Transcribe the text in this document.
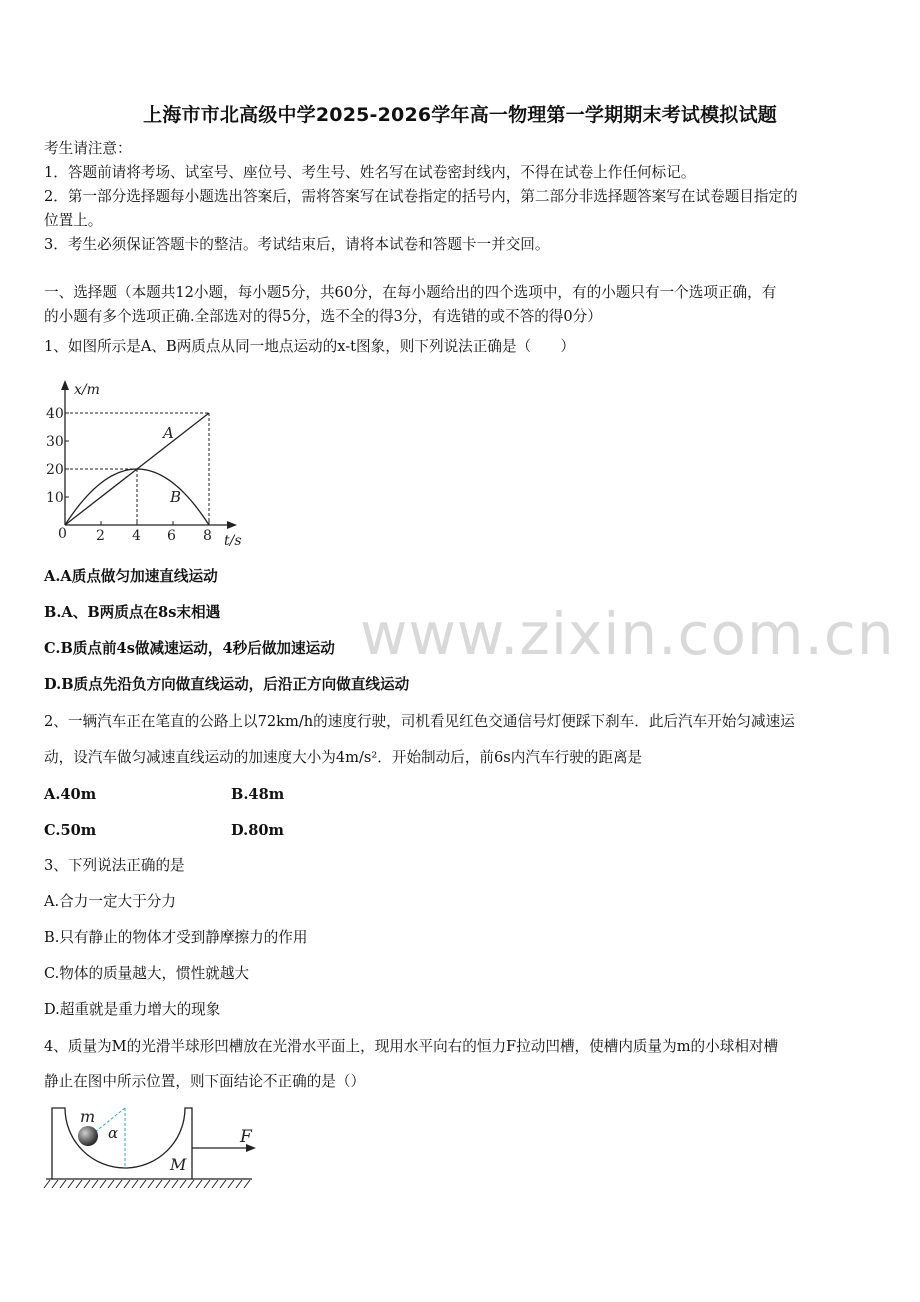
上海市市北高级中学2025-2026学年高一物理第一学期期末考试模拟试题
考生请注意：
1．答题前请将考场、试室号、座位号、考生号、姓名写在试卷密封线内，不得在试卷上作任何标记。
2．第一部分选择题每小题选出答案后，需将答案写在试卷指定的括号内，第二部分非选择题答案写在试卷题目指定的
位置上。
3．考生必须保证答题卡的整洁。考试结束后，请将本试卷和答题卡一并交回。
一、选择题（本题共12小题，每小题5分，共60分，在每小题给出的四个选项中，有的小题只有一个选项正确，有
的小题有多个选项正确.全部选对的得5分，选不全的得3分，有选错的或不答的得0分）
1、如图所示是A、B两质点从同一地点运动的x-t图象，则下列说法正确是（　　）
x/m
t/s
40
30
20
10
0 2 4 6 8
A
B
A.A质点做匀加速直线运动
B.A、B两质点在8s末相遇
C.B质点前4s做减速运动，4秒后做加速运动
D.B质点先沿负方向做直线运动，后沿正方向做直线运动
www.zixin.com.cn
2、一辆汽车正在笔直的公路上以72km/h的速度行驶，司机看见红色交通信号灯便踩下刹车．此后汽车开始匀减速运
动，设汽车做匀减速直线运动的加速度大小为4m/s²．开始制动后，前6s内汽车行驶的距离是
A.40m	B.48m
C.50m	D.80m
3、下列说法正确的是
A.合力一定大于分力
B.只有静止的物体才受到静摩擦力的作用
C.物体的质量越大，惯性就越大
D.超重就是重力增大的现象
4、质量为M的光滑半球形凹槽放在光滑水平面上，现用水平向右的恒力F拉动凹槽，使槽内质量为m的小球相对槽
静止在图中所示位置，则下面结论不正确的是（）
m
α	F
M
